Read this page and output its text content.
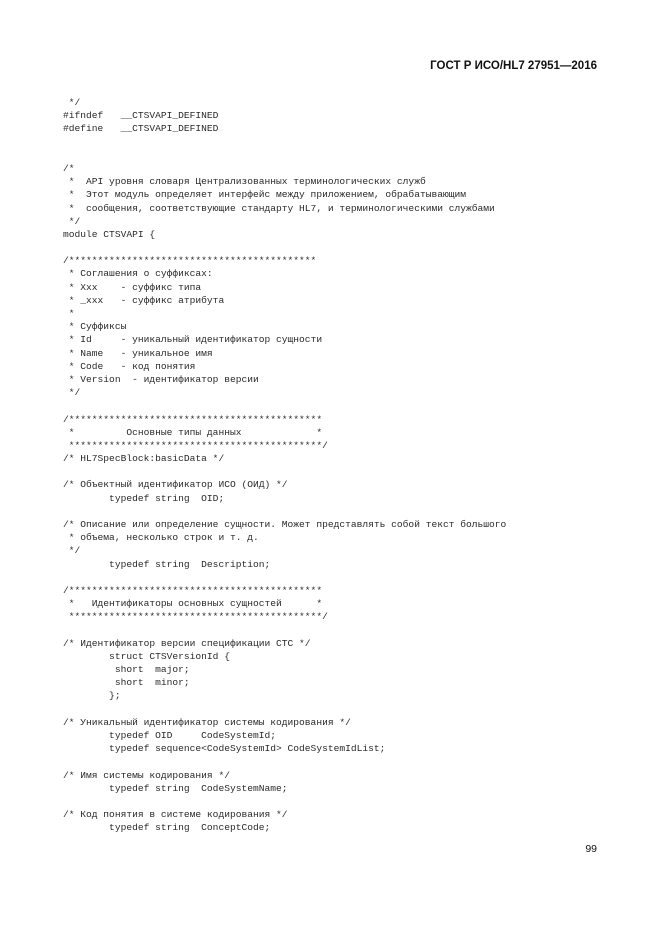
ГОСТ Р ИСО/HL7 27951—2016
*/
#ifndef   __CTSVAPI_DEFINED
#define   __CTSVAPI_DEFINED
/*
*  API уровня словаря Централизованных терминологических служб
*  Этот модуль определяет интерфейс между приложением, обрабатывающим
*  сообщения, соответствующие стандарту HL7, и терминологическими службами
*/
module CTSVAPI {
/*******************************************
* Соглашения о суффиксах:
* Xxx    - суффикс типа
* _xxx   - суффикс атрибута
*
* Суффиксы
* Id     - уникальный идентификатор сущности
* Name   - уникальное имя
* Code   - код понятия
* Version  - идентификатор версии
*/
/********************************************
*         Основные типы данных             *
********************************************/
/* HL7SpecBlock:basicData */
/* Объектный идентификатор ИСО (ОИД) */
typedef string  OID;
/* Описание или определение сущности. Может представлять собой текст большого
* объема, несколько строк и т. д.
*/
typedef string  Description;
/********************************************
*   Идентификаторы основных сущностей      *
********************************************/
/* Идентификатор версии спецификации CTC */
struct CTSVersionId {
short  major;
short  minor;
};
/* Уникальный идентификатор системы кодирования */
typedef OID     CodeSystemId;
typedef sequence<CodeSystemId> CodeSystemIdList;
/* Имя системы кодирования */
typedef string  CodeSystemName;
/* Код понятия в системе кодирования */
typedef string  ConceptCode;
99
